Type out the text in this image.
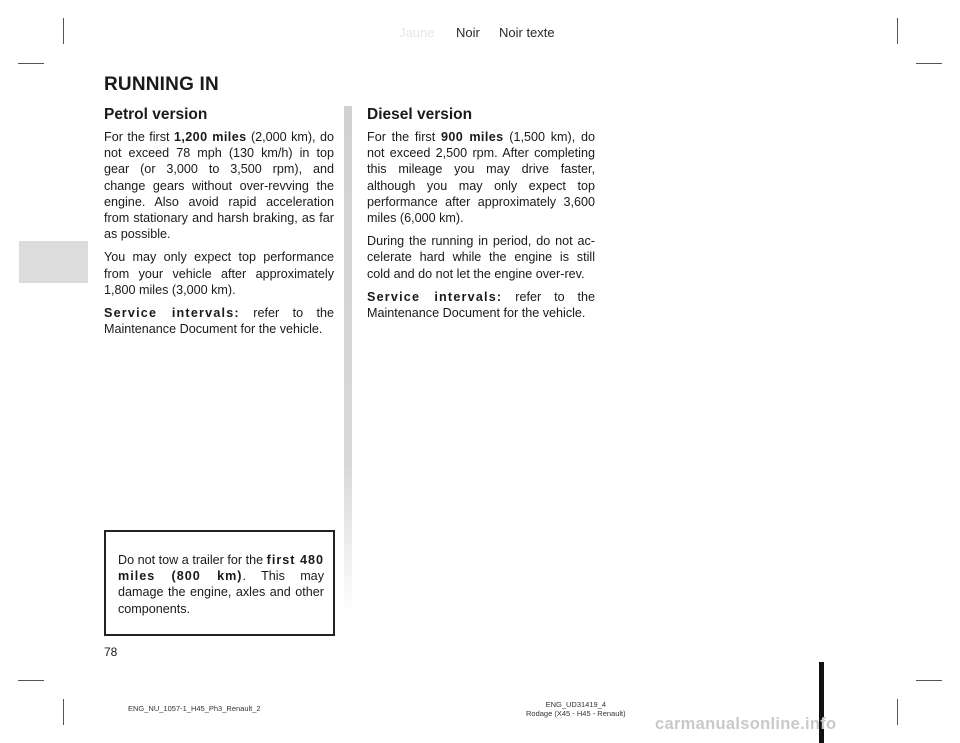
Jaune Noir Noir texte
RUNNING IN
Petrol version

For the first 1,200 miles (2,000 km), do not exceed 78 mph (130 km/h) in top gear (or 3,000 to 3,500 rpm), and change gears without over-revving the engine. Also avoid rapid acceleration from stationary and harsh braking, as far as possible.

You may only expect top performance from your vehicle after approximately 1,800 miles (3,000 km).

Service intervals: refer to the Maintenance Document for the vehicle.

Diesel version

For the first 900 miles (1,500 km), do not exceed 2,500 rpm. After completing this mileage you may drive faster, although you may only expect top performance after approximately 3,600 miles (6,000 km).

During the running in period, do not accelerate hard while the engine is still cold and do not let the engine over-rev.

Service intervals: refer to the Maintenance Document for the vehicle.

Do not tow a trailer for the first 480 miles (800 km). This may damage the engine, axles and other components.
78
ENG_NU_1057-1_H45_Ph3_Renault_2	ENG_UD31419_4
Rodage (X45 - H45 - Renault)
carmanualsonline.info
